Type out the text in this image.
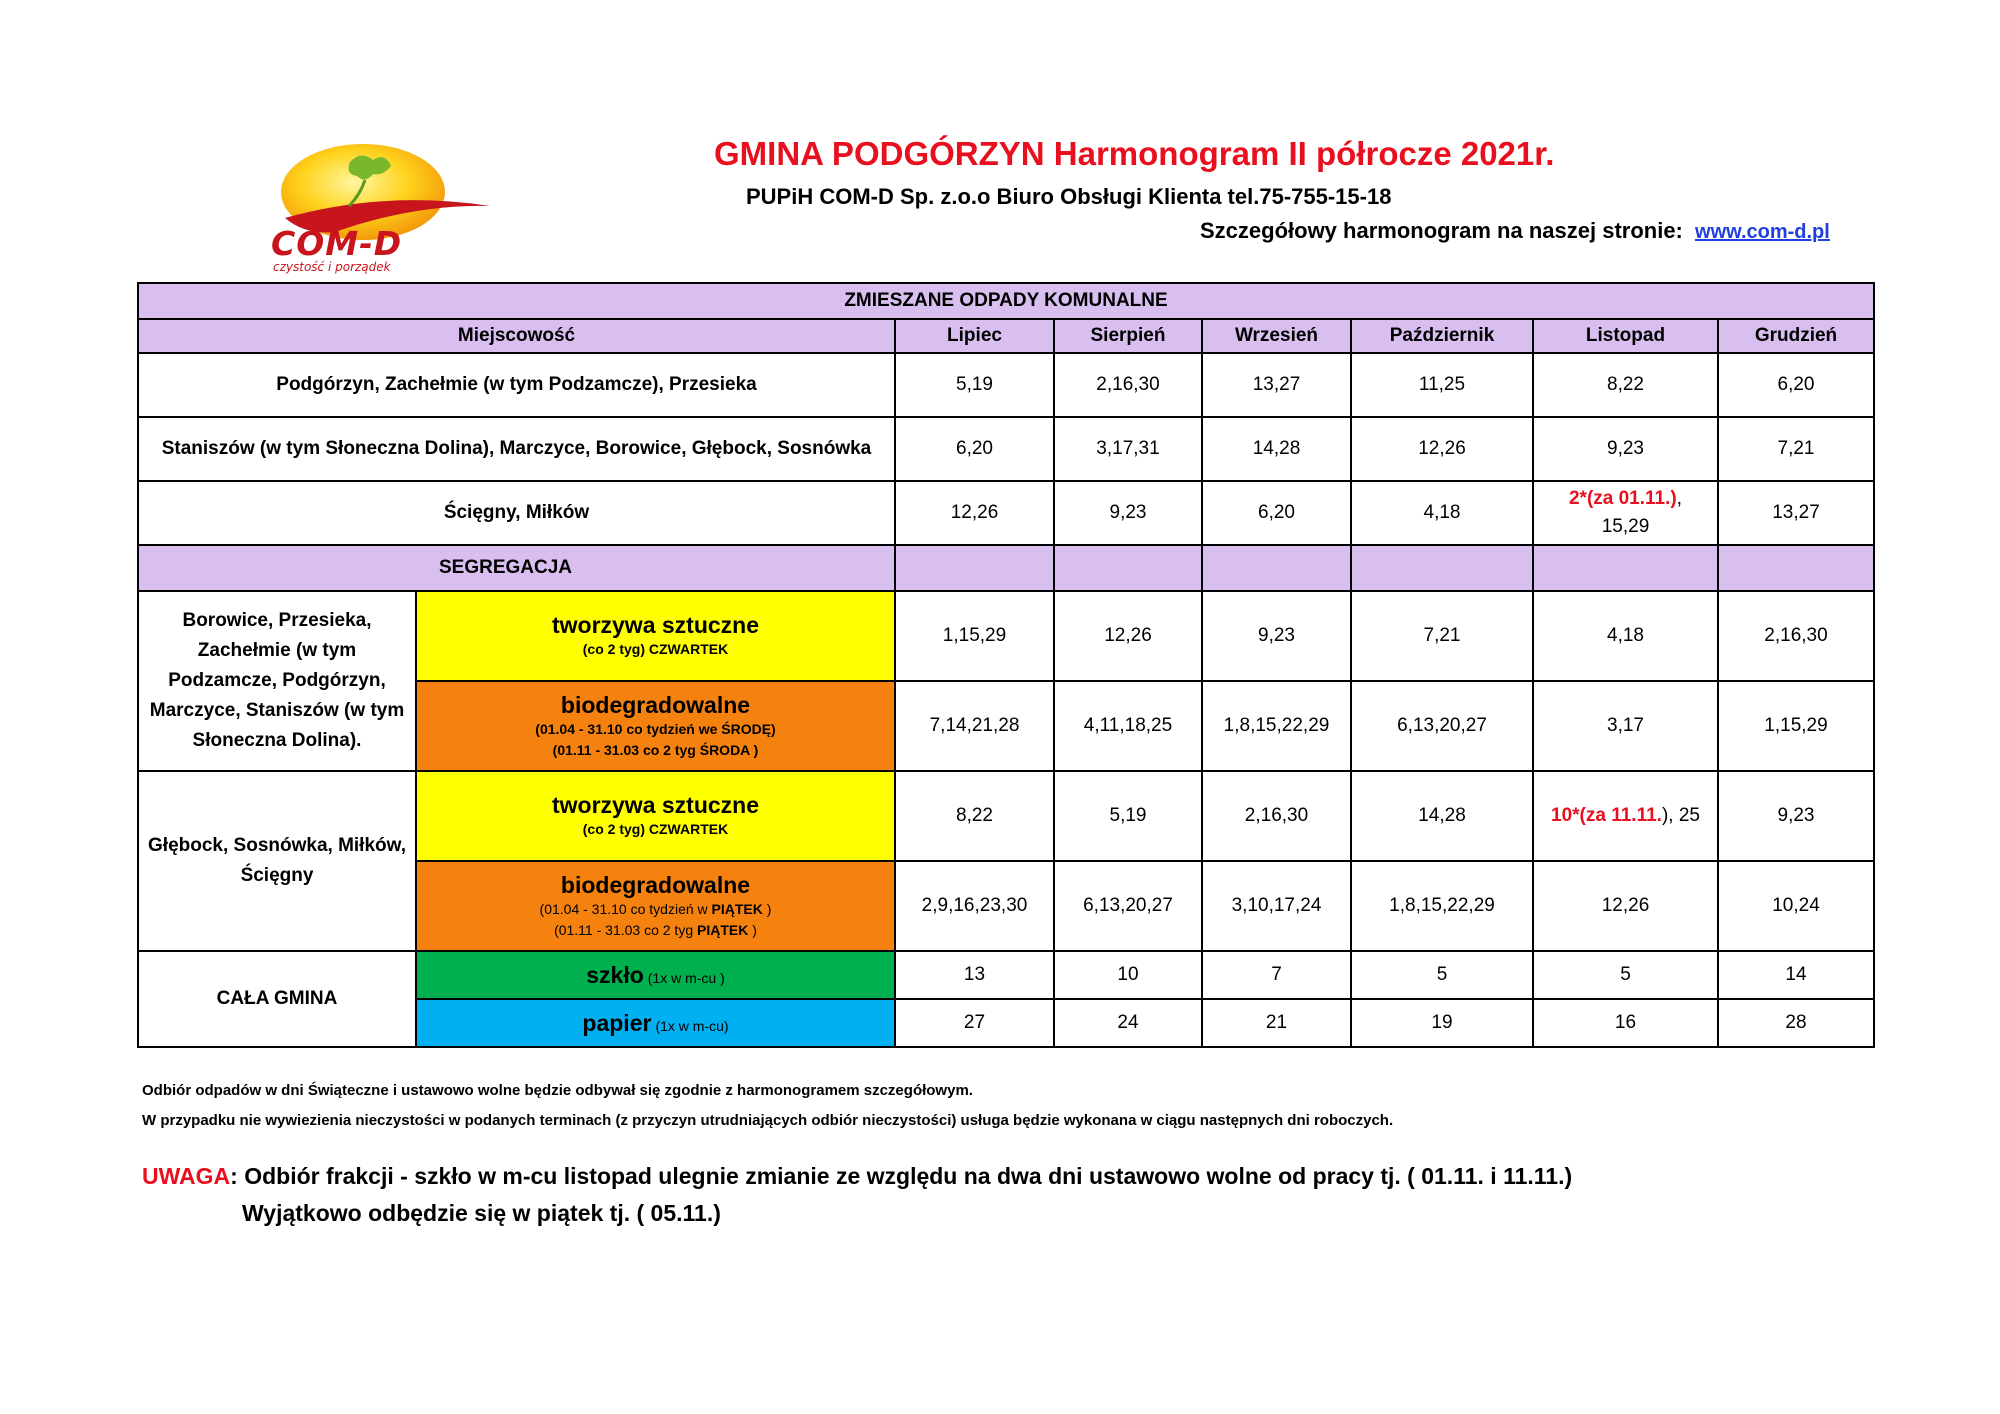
COM-D
czystość i porządek
GMINA PODGÓRZYN Harmonogram II półrocze 2021r.
PUPiH COM-D Sp. z.o.o Biuro Obsługi Klienta tel.75-755-15-18
Szczegółowy harmonogram na naszej stronie: www.com-d.pl
ZMIESZANE ODPADY KOMUNALNE							
Miejscowość		Lipiec	Sierpień	Wrzesień	Październik	Listopad	Grudzień
Podgórzyn, Zachełmie (w tym Podzamcze), Przesieka		5,19	2,16,30	13,27	11,25	8,22	6,20
Staniszów (w tym Słoneczna Dolina), Marczyce, Borowice, Głębock, Sosnówka		6,20	3,17,31	14,28	12,26	9,23	7,21
Ścięgny, Miłków		12,26	9,23	6,20	4,18	2*(za 01.11.),
15,29	13,27
SEGREGACJA							
Borowice, Przesieka, Zachełmie (w tym Podzamcze, Podgórzyn, Marczyce, Staniszów (w tym Słoneczna Dolina).	tworzywa sztuczne
(co 2 tyg) CZWARTEK	1,15,29	12,26	9,23	7,21	4,18	2,16,30

	biodegradowalne
(01.04 - 31.10 co tydzień we ŚRODĘ)
(01.11 - 31.03 co 2 tyg ŚRODA )	7,14,21,28	4,11,18,25	1,8,15,22,29	6,13,20,27	3,17	1,15,29
Głębock, Sosnówka, Miłków, Ścięgny	tworzywa sztuczne
(co 2 tyg) CZWARTEK	8,22	5,19	2,16,30	14,28	10*(za 11.11.), 25	9,23

	biodegradowalne
(01.04 - 31.10 co tydzień w PIĄTEK )
(01.11 - 31.03 co 2 tyg PIĄTEK )	2,9,16,23,30	6,13,20,27	3,10,17,24	1,8,15,22,29	12,26	10,24
CAŁA GMINA	szkło (1x w m-cu )	13	10	7	5	5	14
	papier (1x w m-cu)	27	24	21	19	16	28
Odbiór odpadów w dni Świąteczne i ustawowo wolne będzie odbywał się zgodnie z harmonogramem szczegółowym.
W przypadku nie wywiezienia nieczystości w podanych terminach (z przyczyn utrudniających odbiór nieczystości) usługa będzie wykonana w ciągu następnych dni roboczych.
UWAGA: Odbiór frakcji - szkło w m-cu listopad ulegnie zmianie ze względu na dwa dni ustawowo wolne od pracy tj. ( 01.11. i 11.11.)
Wyjątkowo odbędzie się w piątek tj. ( 05.11.)
